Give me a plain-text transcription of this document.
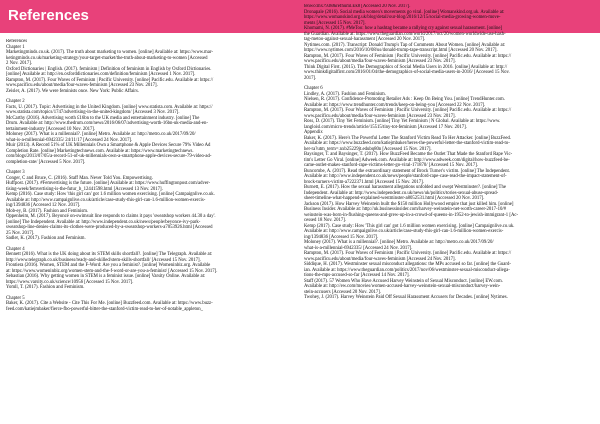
References
References
Chapter 1
Marketingminds.co.uk. (2017). The truth about marketing to women. [online] Available at: https://www.mar-
ketingminds.co.uk/marketing-strategy/your-target-market/the-truth-about-marketing-to-women [Accessed
2 Nov. 2017].
Oxford Dictionaries | English. (2017). feminism | Definition of feminism in English by Oxford Dictionaries.
[online] Available at: http://en.oxforddictionaries.com/definition/feminism [Accessed 1 Nov. 2017].
Rampton, M. (2017). Four Waves of Feminism | Pacific University. [online] Pacific.edu. Available at: https://
www.pacificu.edu/about/media/four-waves-feminism [Accessed 23 Nov. 2017].
Zeisler, A. (2017). We were feminists once. New York: Public Affairs.
Chapter 2
Facts, U. (2017). Topic: Advertising in the United Kingdom. [online] www.statista.com. Available at: https://
www.statista.com/topics/1747/advertising-in-the-united-kingdom/ [Accessed 3 Nov. 2017].
McCarthy (2016). Advertising worth £16bn to the UK media and entertainment industry. [online] The
Drum. Available at: http://www.thedrum.com/news/2016/06/07/advertising-worth-16bn-uk-media-and-en-
tertainment-industry [Accessed 10 Nov. 2017].
Moloney (2017). What is a millennial?. [online] Metro. Available at: http://metro.co.uk/2017/09/20/
what-is-a-millennial-6942335/ 24/11/17 [Accessed 24 Nov. 2017].
Muir (2013). A Record 51% of UK Millennials Own a Smartphone & Apple Devices Secure 79% Video Ad
Completion Rate. [online] Marketingtechnews.com. Available at: https://www.marketingtechnews.
com/blogs/2013/07/05/a-record-51-of-uk-millennials-own-a-smartphone-apple-devices-secure-79-video-ad-
completion-rate/ [Accessed 5 Nov. 2017].
Chapter 3
Conger, C and Bruce, C. (2016). Staff Man. Never Told You. Empowertising.
Huffpost. (2017). #Femvertising is the future. [online] Available at: https://www.huffingtonpost.com/adver-
tising-week/femvertising-is-the-futur_b_12441598.html [Accessed 13 Nov. 2017].
Kemp (2016). Case study: How 'this girl can' got 1.6 million women exercising. [online] Campaignlive.co.uk.
Available at: http://www.campaignlive.co.uk/article/case-study-this-girl-can-1.6-million-women-exercis-
ing/1394836 [Accessed 12 Nov. 2017].
Mob-ey, B. (2017). Fashion and Feminism.
Oppenheim, M. (2017). Beyoncé on-swimsuit line responds to claims it pays 'sweatshop workers 44.30 a day'.
[online] The Independent. Available at: http://www.independent.co.uk/news/people/beyonce-ivy-park-
sweatshop-line-denies-claims-its-clothes-were-produced-by-a-sweatshop-workers-a7053926.html [Accessed
25 Nov. 2017].
Sadler, K. (2017). Fashion and Feminism.
Chapter 4
Bennett (2016). What is the UK doing about its STEM skills shortfall?. [online] The Telegraph. Available at:
http://www.telegraph.co.uk/business/ready-and-skilled/stem-skills-shortfall/ [Accessed 15 Nov. 2017].
Frontiera (2016). Women, STEM and the F-Word: Are you a feminist?. [online] Womeninbiz.org. Available
at: https://www.womeninbiz.org/women-stem-and-the-f-word-or-are-you-a-feminist/ [Accessed 15 Nov. 2017].
Sebastian (2016). Why getting women in STEM is a feminist issue. [online] Varsity Online. Available at:
https://www.varsity.co.uk/science/10956 [Accessed 15 Nov. 2017].
Yomll, T. (2017). Fashion and Feminism.
Chapter 5
Baker, K. (2017). Cite a Website - Cite This For Me. [online] Buzzfeed.com. Available at: https://www.buzz-
feed.com/katiejmbaker/fierce-fbo-powerful-bitter-the-stanford-victim-read-to-her-of-notable_appleton_
tenwo:mx7938&refhuml.Ek8 [Accessed 20 Nov. 2017].
Dronapale (2016). Social media women's movements go viral. [online] Womanskind.org.uk. Available at:
https://www.womanskind.org.uk/blog/detail/our-blog/2016/12/15/social-media-growing-women-move-
ments [Accessed 15 Nov. 2017].
Khomami, N. (2017). #MeToo: how a hashtag became a rallying cry against sexual harassment. [online]
the Guardian. Available at: https://www.theguardian.com/world/2017/oct/20/women-worldwide-use-hash-
tag-metoo-against-sexual-harassment [Accessed 20 Nov. 2017].
Nytimes.com. (2017). Transcript: Donald Trump's Tap of Comments About Women. [online] Available at:
https://www.nytimes.com/2016/10/08/us/donald-trump-tape-transcript.html [Accessed 20 Nov. 2017].
Rampton, M. (2017). Four Waves of Feminism | Pacific University. [online] Pacific.edu. Available at: https://
www.pacificu.edu/about/media/four-waves-feminism [Accessed 23 Nov. 2017].
Think Digital First. (2015). The Demographics of Social Media Users in 2016. [online] Available at: http://
www.thinkdigitalfirst.com/2016/01/04/the-demographics-of-social-media-users-in-2016/ [Accessed 15 Nov.
2017].
Chapter 6
Lindley, A. (2017). Fashion and Feminism.
Nielsen, R. (2017). Confidence-Promoting Retailer Ads : Keep On Being You. [online] TrendHunter.com.
Available at: https://www.trendhunter.com/trends/keep-on-being-you [Accessed 22 Nov. 2017].
Rampton, M. (2017). Four Waves of Feminism | Pacific University. [online] Pacific.edu. Available at: https://
www.pacificu.edu/about/media/four-waves-feminism [Accessed 23 Nov. 2017].
Ross, D. (2017). Tiny Yet Feminism. [online] Tiny Yet Feminism | N Global. Available at: https://www.
langloisl.com/micro-trends/article/15515/tiny-tot-feminism [Accessed 17 Nov. 2017].
Appendix
Baker, K. (2017). Here's The Powerful Letter The Stanford Victim Read To Her Attacker. [online] BuzzFeed.
Available at: https://www.buzzfeed.com/katiejmbaker/heres-the-powerful-letter-the-stanford-victim-read-to-
her-ra?utm_term=.nxb25229jt.edubq80n [Accessed 15 Nov. 2017].
Baysinger, T. and Baysinger, T. (2017). How BuzzFeed Became the Outlet That Made the Stanford Rape Vic-
tim's Letter Go Viral. [online] Adweek.com. Available at: http://www.adweek.com/digital/how-buzzfeed-be-
came-outlet-makes-stanford-rape-victims-letter-go-viral-171870/ [Accessed 15 Nov. 2017].
Buncombe, A. (2017). Read the extraordinary statement of Brock Turner's victim. [online] The Independent.
Available at: http://www.independent.co.uk/news/people/stanford-rape-case-read-the-impact-statement-of-
brock-turners-victim-a7222371.html [Accessed 15 Nov. 2017].
Burnett, E. (2017). How the sexual harassment allegations unfolded and swept Westminster?. [online] The
Independent. Available at: http://www.independent.co.uk/news/uk/politics/tories-sexual-abuse-spread-
sheet-timeline-what-happend-explained-westminster-a8052531.html [Accessed 20 Nov. 2017].
Jackson (2017). How Harvey Weinstein built the $150 million Hollywood empire that just killed him. [online]
Business Insider. Available at: http://uk.businessinsider.com/harvey-weinstein-net-worth-career-2017-10/#
weinstein-was-born-in-flushing-queens-and-grew-up-in-a-crowd-of-queens-in-1952-to-jewish-immigrant-1 [Ac-
cessed 18 Nov. 2017].
Kemp (2017). Case study: How 'This girl can' got 1.6 million women exercising. [online] Campaignlive.co.uk.
Available at: http://www.campaignlive.co.uk/article/case-study-this-girl-can-1.6-million-women-exercis-
ing/1394836 [Accessed 15 Nov. 2017].
Moloney (2017). What is a millennial?. [online] Metro. Available at: http://metro.co.uk/2017/09/20/
what-is-a-millennial-6942335/ [Accessed 24 Nov. 2017].
Rampton, M. (2017). Four Waves of Feminism | Pacific University. [online] Pacific.edu. Available at: https://
www.pacificu.edu/about/media/four-waves-feminism [Accessed 24 Nov. 2017].
Siddique, H. (2017). Westminster sexual misconduct allegations: the MPs accused so far. [online] the Guard-
ian. Available at: https://www.theguardian.com/politics/2017/nov/06/westminster-sexual-misconduct-allega-
tions-the-mps-accused-so-far [Accessed 14 Nov. 2017].
Staff (2017). 57 Women Who Have Accused Harvey Weinstein of Sexual Misconduct. [online] EW.com.
Available at: http://ew.com/movies/women-accused-harvey-weinstein-sexual-misconduct/harvey-wein-
stein-accusers [Accessed 20 Nov. 2017].
Twohey, J. (2017). Harvey Weinstein Paid Off Sexual Harassment Accusers for Decades. [online] Nytimes.
